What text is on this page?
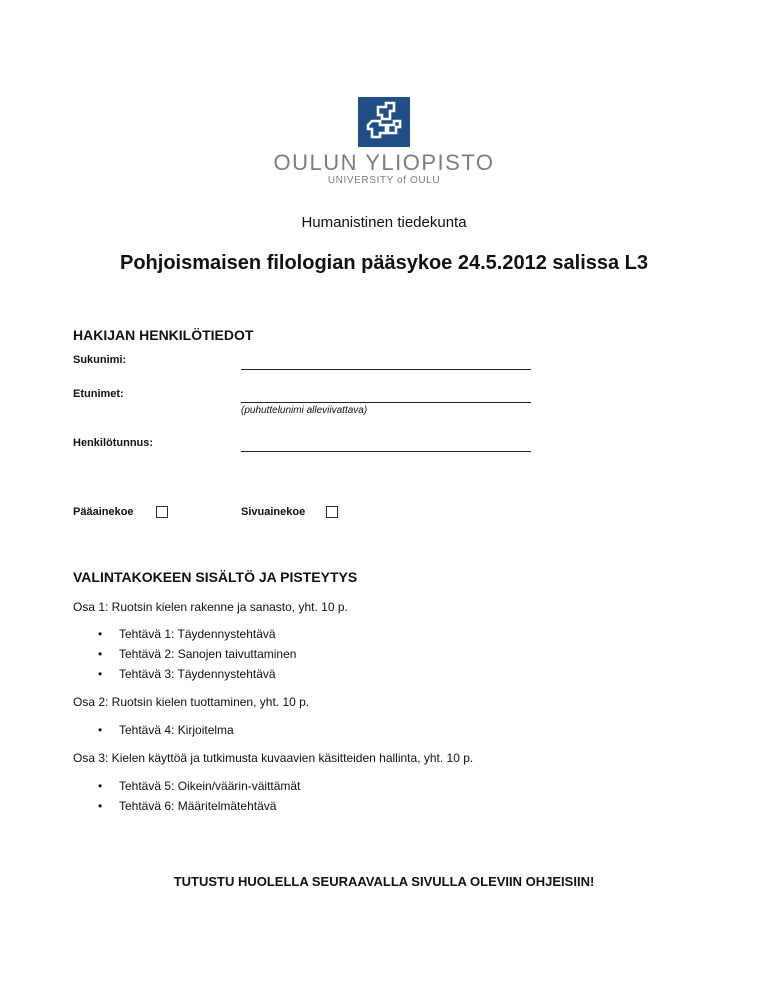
OULUN YLIOPISTO
UNIVERSITY of OULU
Humanistinen tiedekunta
Pohjoismaisen filologian pääsykoe 24.5.2012 salissa L3
HAKIJAN HENKILÖTIEDOT
Sukunimi:
Etunimet:
(puhuttelunimi alleviivattava)
Henkilötunnus:
Pääainekoe	Sivuainekoe
VALINTAKOKEEN SISÄLTÖ JA PISTEYTYS
Osa 1: Ruotsin kielen rakenne ja sanasto, yht. 10 p.
• Tehtävä 1: Täydennystehtävä
• Tehtävä 2: Sanojen taivuttaminen
• Tehtävä 3: Täydennystehtävä
Osa 2: Ruotsin kielen tuottaminen, yht. 10 p.
• Tehtävä 4: Kirjoitelma
Osa 3: Kielen käyttöä ja tutkimusta kuvaavien käsitteiden hallinta, yht. 10 p.
• Tehtävä 5: Oikein/väärin-väittämät
• Tehtävä 6: Määritelmätehtävä
TUTUSTU HUOLELLA SEURAAVALLA SIVULLA OLEVIIN OHJEISIIN!
